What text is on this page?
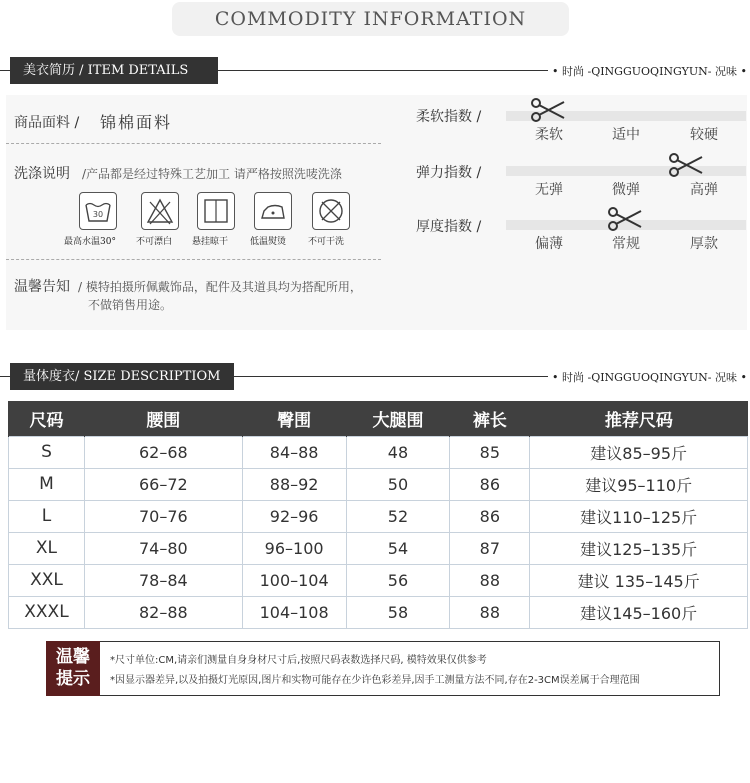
COMMODITY INFORMATION
美衣简历 / ITEM DETAILS	• 时尚 -QINGGUOQINGYUN- 况味 •
商品面料 / 锦棉面料
洗涤说明 /产品都是经过特殊工艺加工 请严格按照洗唛洗涤
30
最高水温30° 不可漂白 悬挂晾干 低温熨烫 不可干洗
温馨告知 / 模特拍摄所佩戴饰品，配件及其道具均为搭配所用，
不做销售用途。
柔软指数 /
柔软	适中	较硬
弹力指数 /
无弹	微弹	高弹
厚度指数 /
偏薄	常规	厚款
量体度衣/ SIZE DESCRIPTIOM	• 时尚 -QINGGUOQINGYUN- 况味 •
尺码	腰围	臀围	大腿围	裤长	推荐尺码
S	62–68	84–88	48	85	建议85–95斤
M	66–72	88–92	50	86	建议95–110斤
L	70–76	92–96	52	86	建议110–125斤
XL	74–80	96–100	54	87	建议125–135斤
XXL	78–84	100–104	56	88	建议 135–145斤
XXXL	82–88	104–108	58	88	建议145–160斤
温馨
提示
*尺寸单位:CM,请亲们测量自身身材尺寸后,按照尺码表数选择尺码, 模特效果仅供参考
*因显示器差异,以及拍摄灯光原因,图片和实物可能存在少许色彩差异,因手工测量方法不同,存在2-3CM误差属于合理范围
